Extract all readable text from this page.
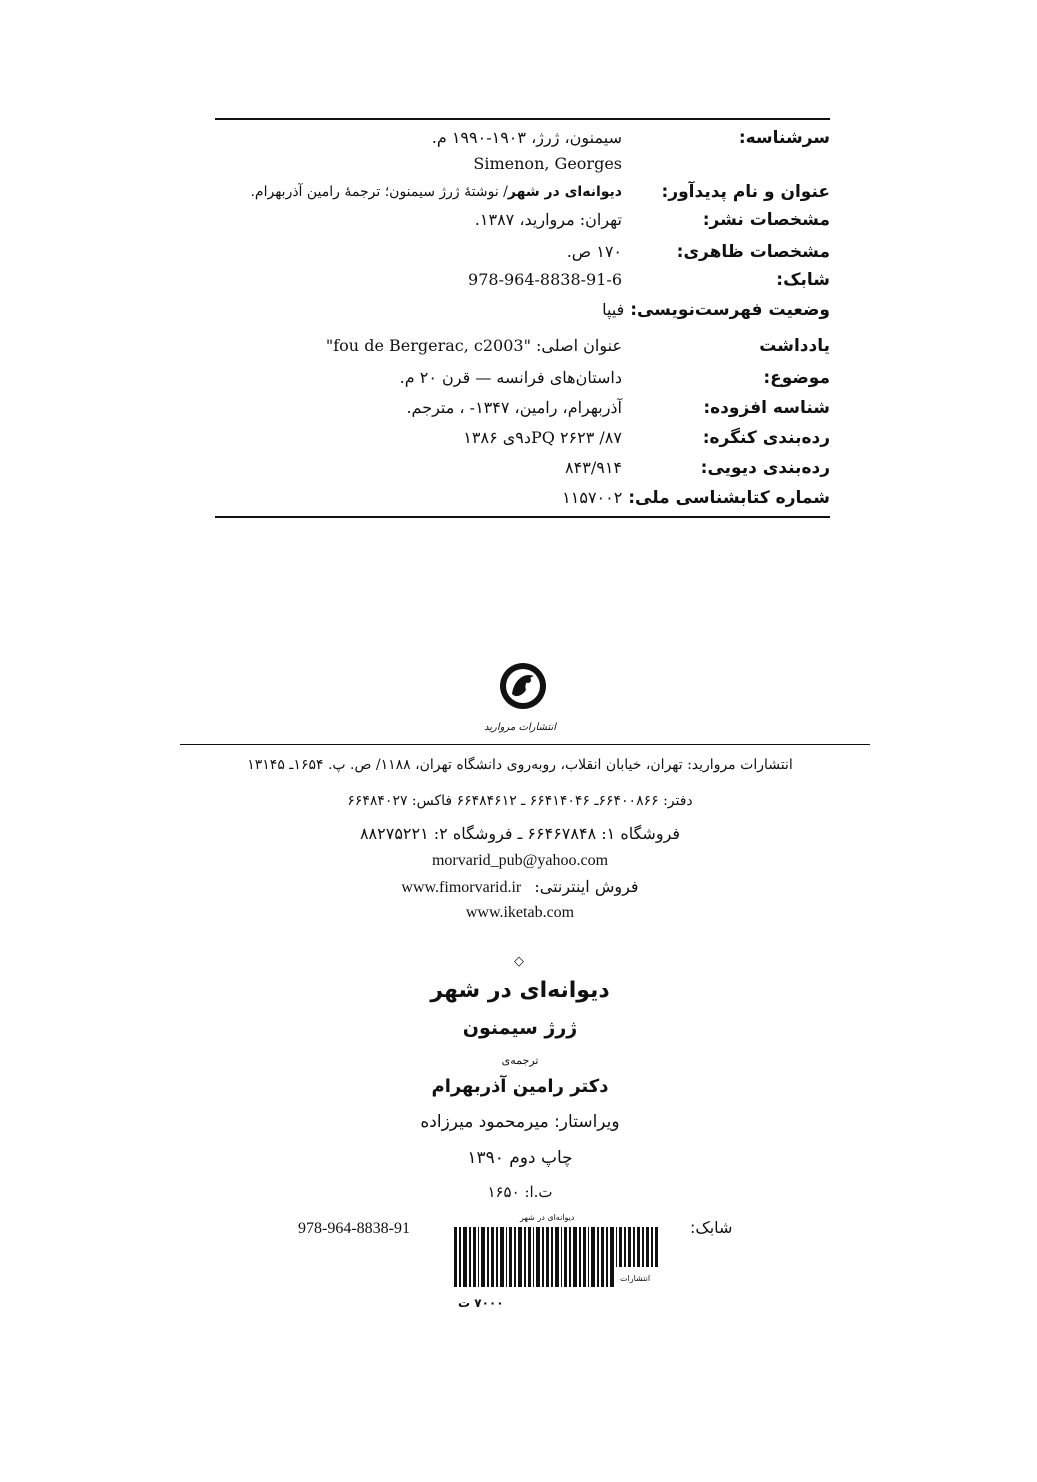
سرشناسه:
سیمنون، ژرژ، ۱۹۰۳-۱۹۹۰ م.
Simenon, Georges
عنوان و نام پدیدآور:
دیوانه‌ای در شهر/ نوشتهٔ ژرژ سیمنون؛ ترجمهٔ رامین آذربهرام.
مشخصات نشر:
تهران: مروارید، ۱۳۸۷.
مشخصات ظاهری:
۱۷۰ ص.
شابک:
978-964-8838-91-6
وضعیت فهرست‌نویسی: فیپا
یادداشت
عنوان اصلی: "fou de Bergerac, c2003"
موضوع:
داستان‌های فرانسه — قرن ۲۰ م.
شناسه افزوده:
آذربهرام، رامین، ۱۳۴۷- ، مترجم.
رده‌بندی کنگره:
PQ ۲۶۲۳ /۸۷د۹ی ۱۳۸۶
رده‌بندی دیویی:
۸۴۳/۹۱۴
شماره کتابشناسی ملی: ۱۱۵۷۰۰۲
انتشارات مروارید
انتشارات مروارید: تهران، خیابان انقلاب، روبه‌روی دانشگاه تهران، ۱۱۸۸/ ص. پ. ۱۶۵۴ـ ۱۳۱۴۵
دفتر: ۶۶۴۰۰۸۶۶ـ ۶۶۴۱۴۰۴۶ ـ ۶۶۴۸۴۶۱۲ فاکس: ۶۶۴۸۴۰۲۷
فروشگاه ۱: ۶۶۴۶۷۸۴۸ ـ فروشگاه ۲: ۸۸۲۷۵۲۲۱
morvarid_pub@yahoo.com
www.fimorvarid.ir فروش اینترنتی:
www.iketab.com
◇
دیوانه‌ای در شهر
ژرژ سیمنون
ترجمه‌ی
دکتر رامین آذربهرام
ویراستار: میرمحمود میرزاده
چاپ دوم ۱۳۹۰
ت.ا: ۱۶۵۰
شابک:
978-964-8838-91
دیوانه‌ای در شهر
انتشارات
۷۰۰۰ ت
